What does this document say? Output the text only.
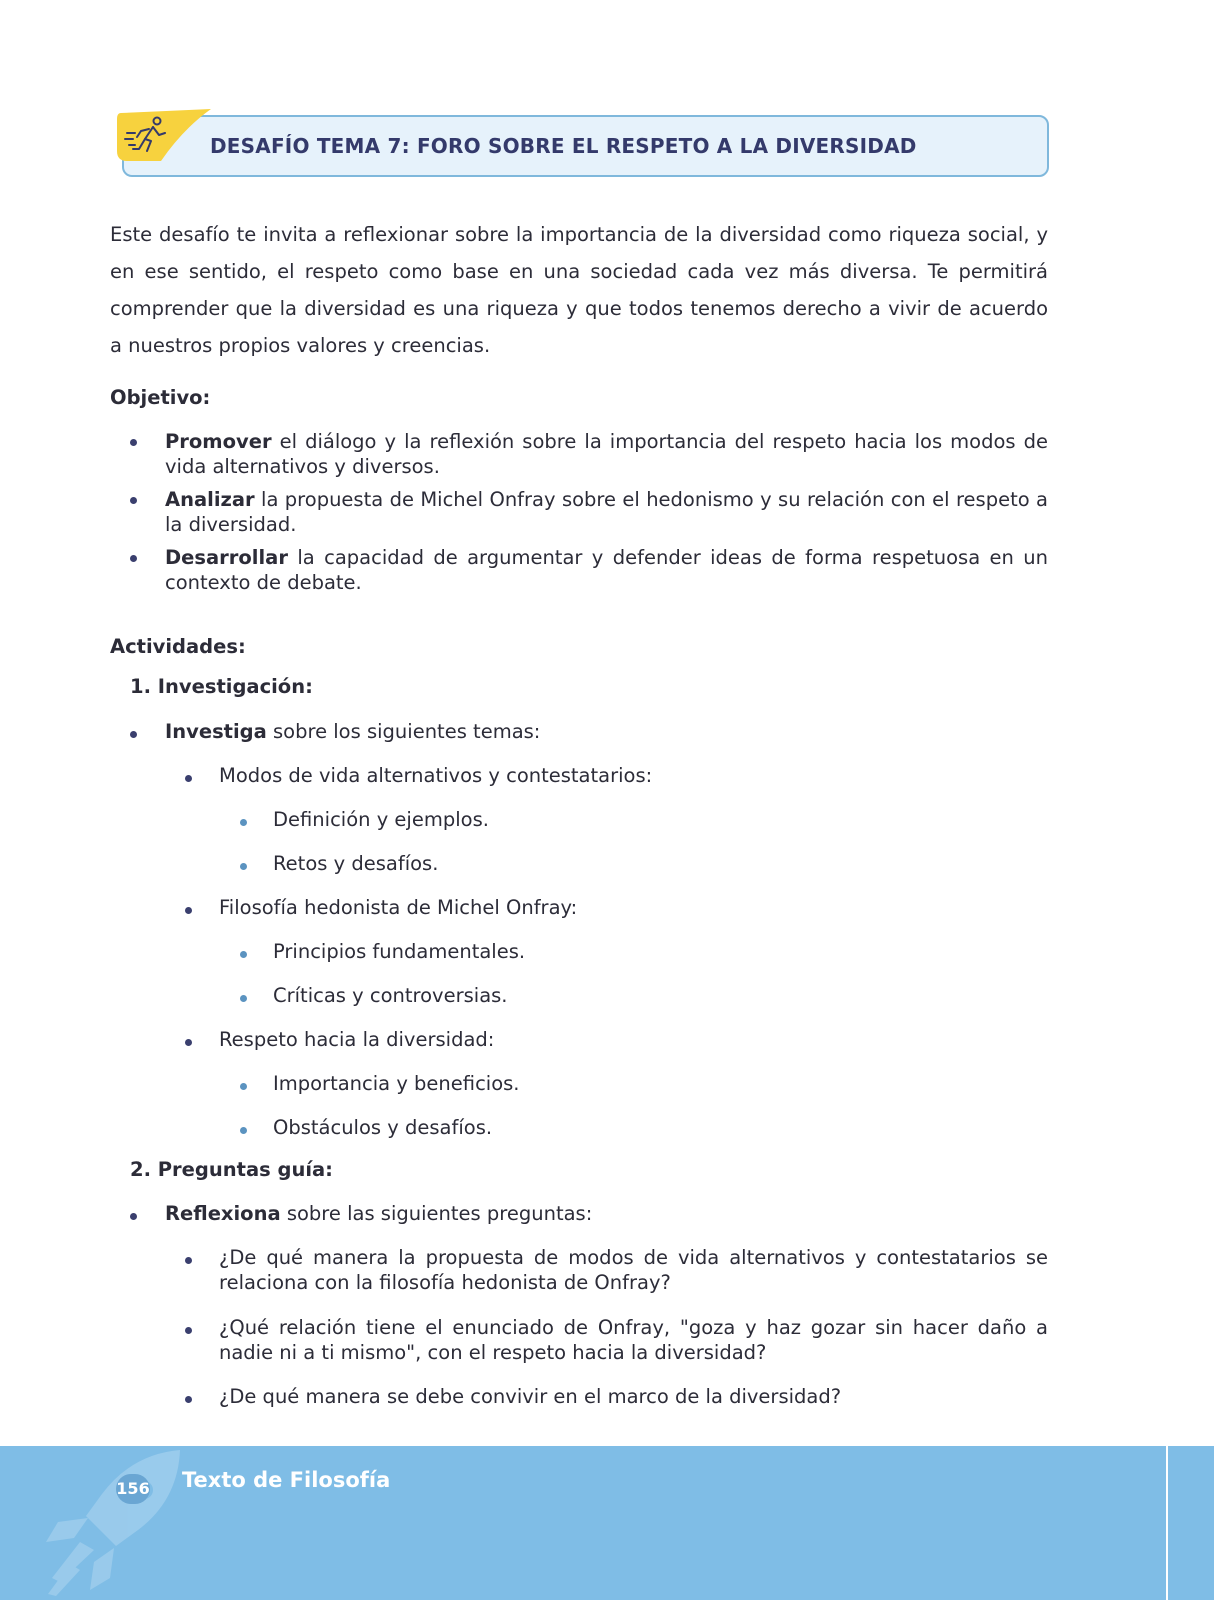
DESAFÍO TEMA 7: FORO SOBRE EL RESPETO A LA DIVERSIDAD
Este desafío te invita a reflexionar sobre la importancia de la diversidad como riqueza social, y en ese sentido, el respeto como base en una sociedad cada vez más diversa. Te permitirá comprender que la diversidad es una riqueza y que todos tenemos derecho a vivir de acuerdo a nuestros propios valores y creencias.
Objetivo:
Promover el diálogo y la reflexión sobre la importancia del respeto hacia los modos de vida alternativos y diversos.
Analizar la propuesta de Michel Onfray sobre el hedonismo y su relación con el respeto a la diversidad.
Desarrollar la capacidad de argumentar y defender ideas de forma respetuosa en un contexto de debate.
Actividades:
1. Investigación:
Investiga sobre los siguientes temas:
Modos de vida alternativos y contestatarios:
Definición y ejemplos.
Retos y desafíos.
Filosofía hedonista de Michel Onfray:
Principios fundamentales.
Críticas y controversias.
Respeto hacia la diversidad:
Importancia y beneficios.
Obstáculos y desafíos.
2. Preguntas guía:
Reflexiona sobre las siguientes preguntas:
¿De qué manera la propuesta de modos de vida alternativos y contestatarios se relaciona con la filosofía hedonista de Onfray?
¿Qué relación tiene el enunciado de Onfray, "goza y haz gozar sin hacer daño a nadie ni a ti mismo", con el respeto hacia la diversidad?
¿De qué manera se debe convivir en el marco de la diversidad?
156 Texto de Filosofía
